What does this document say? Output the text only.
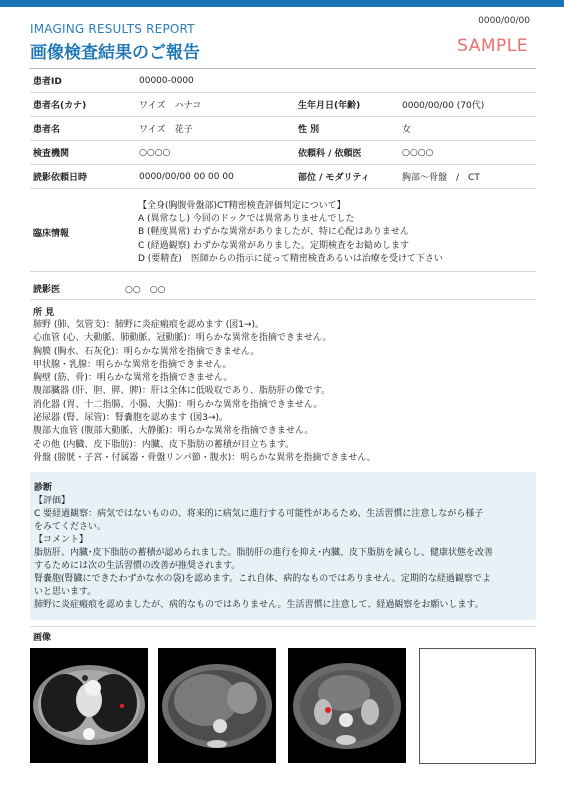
IMAGING RESULTS REPORT
画像検査結果のご報告
0000/00/00
SAMPLE
患者ID	00000-0000
患者名(カナ)	ワイズ　ハナコ	生年月日(年齢)	0000/00/00 (70代)
患者名	ワイズ　花子	性 別	女
検査機関	○○○○	依頼科 / 依頼医	○○○○
読影依頼日時	0000/00/00 00 00 00	部位 / モダリティ	胸部〜骨盤　/　CT
臨床情報
【全身(胸腹骨盤部)CT精密検査評価判定について】
A (異常なし) 今回のドックでは異常ありませんでした
B (軽度異常) わずかな異常がありましたが、特に心配はありません
C (経過観察) わずかな異常がありました。定期検査をお勧めします
D (要精査)　医師からの指示に従って精密検査あるいは治療を受けて下さい
読影医	○○　○○
所 見
肺野 (肺、気管支)：肺野に炎症瘢痕を認めます (図1→)。
心血管 (心、大動脈、肺動脈、冠動脈)：明らかな異常を指摘できません。
胸膜 (胸水、石灰化)：明らかな異常を指摘できません。
甲状腺・乳腺：明らかな異常を指摘できません。
胸壁 (筋、骨)：明らかな異常を指摘できません。
腹部臓器 (肝、胆、膵、脾)：肝は全体に低吸収であり、脂肪肝の像です。
消化器 (胃、十二指腸、小腸、大腸)：明らかな異常を指摘できません。
泌尿器 (腎、尿管)：腎嚢胞を認めます (図3→)。
腹部大血管 (腹部大動脈、大静脈)：明らかな異常を指摘できません。
その他 (内臓、皮下脂肪)：内臓、皮下脂肪の蓄積が目立ちます。
骨盤 (膀胱・子宮・付属器・骨盤リンパ節・腹水)：明らかな異常を指摘できません。
診断
【評価】
C 要経過観察：病気ではないものの、将来的に病気に進行する可能性があるため、生活習慣に注意しながら様子
をみてください。
【コメント】
脂肪肝、内臓･皮下脂肪の蓄積が認められました。脂肪肝の進行を抑え･内臓、皮下脂肪を減らし、健康状態を改善
するためには次の生活習慣の改善が推奨されます。
腎嚢胞(腎臓にできたわずかな水の袋)を認めます。これ自体、病的なものではありません。定期的な経過観察でよ
いと思います。
肺野に炎症瘢痕を認めましたが、病的なものではありません。生活習慣に注意して、経過観察をお願いします。
画像
